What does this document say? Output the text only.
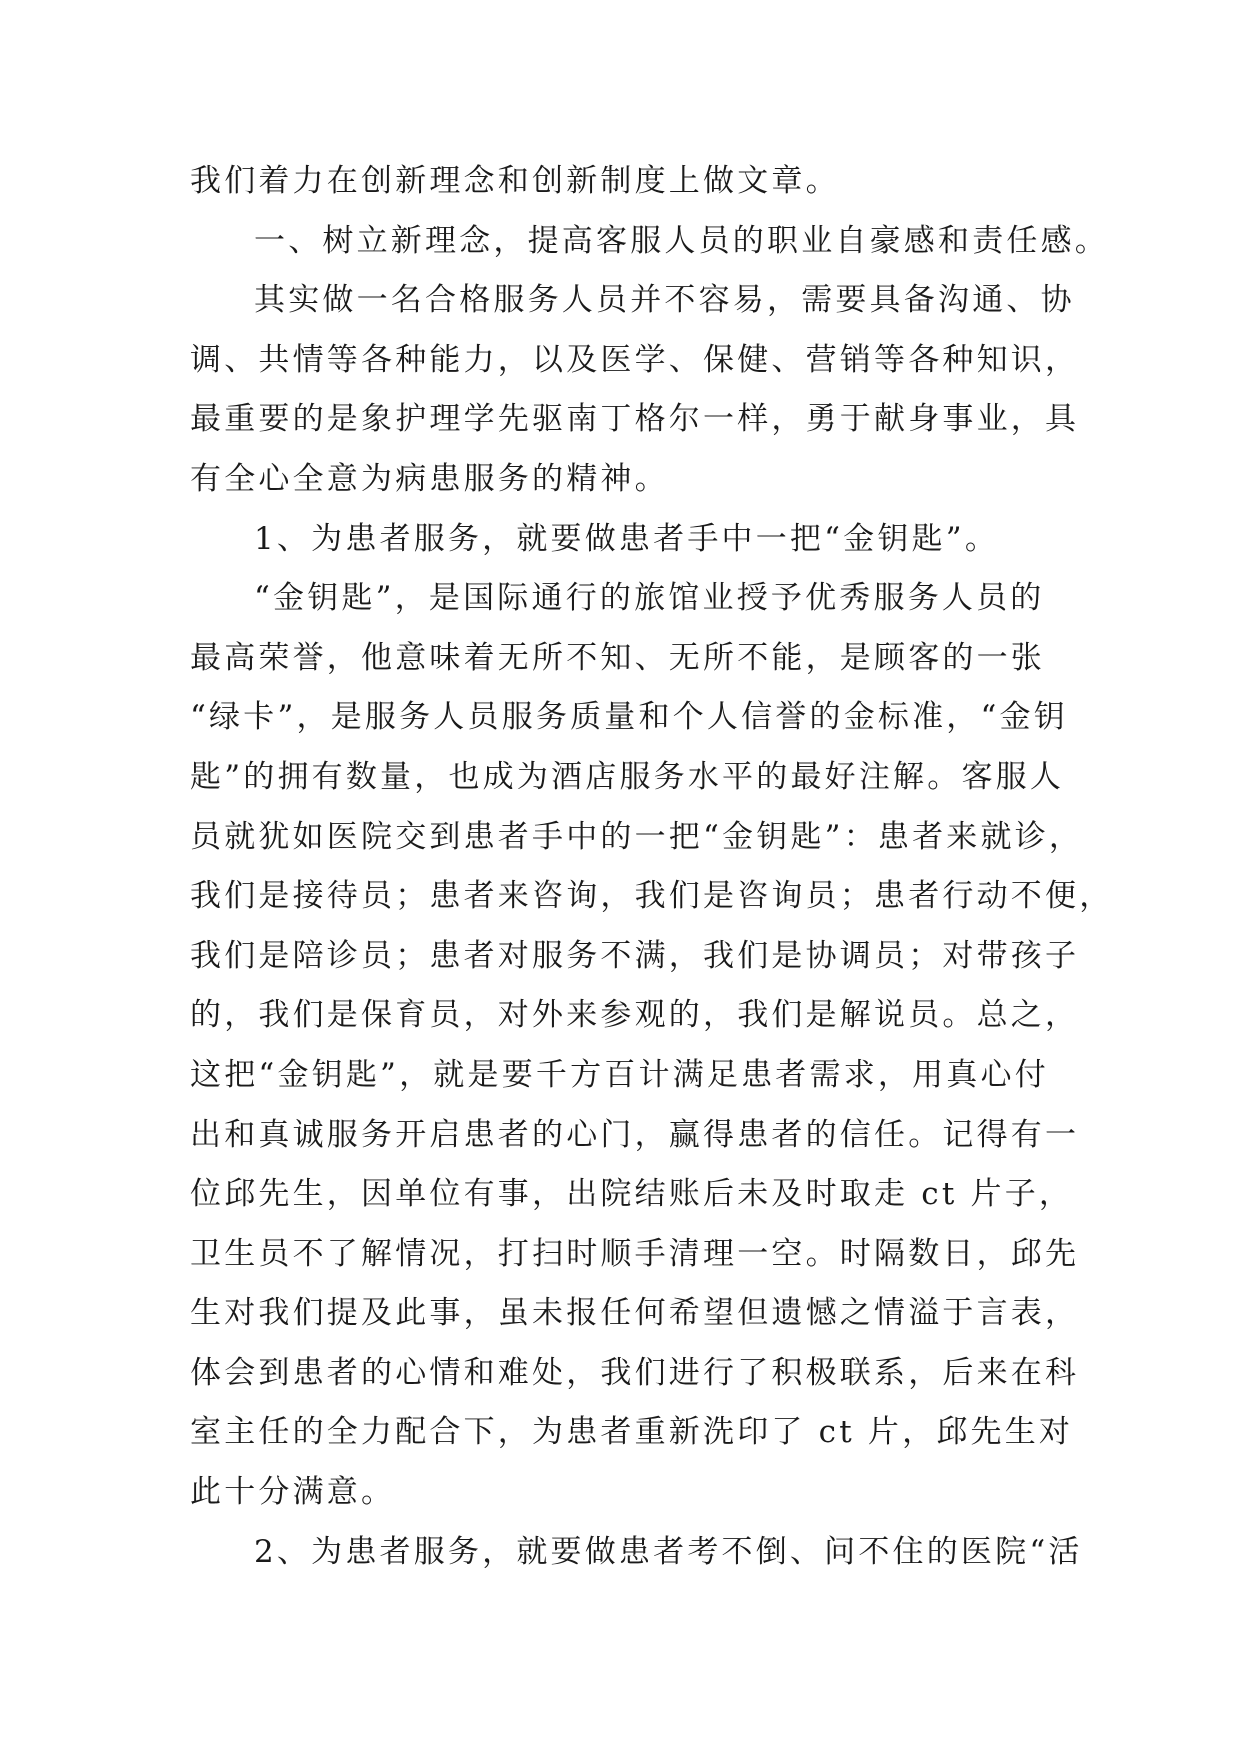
我们着力在创新理念和创新制度上做文章。
一、树立新理念，提高客服人员的职业自豪感和责任感。
其实做一名合格服务人员并不容易，需要具备沟通、协
调、共情等各种能力，以及医学、保健、营销等各种知识，
最重要的是象护理学先驱南丁格尔一样，勇于献身事业，具
有全心全意为病患服务的精神。
1、为患者服务，就要做患者手中一把“金钥匙”。
“金钥匙”，是国际通行的旅馆业授予优秀服务人员的
最高荣誉，他意味着无所不知、无所不能，是顾客的一张
“绿卡”，是服务人员服务质量和个人信誉的金标准，“金钥
匙”的拥有数量，也成为酒店服务水平的最好注解。客服人
员就犹如医院交到患者手中的一把“金钥匙”：患者来就诊，
我们是接待员；患者来咨询，我们是咨询员；患者行动不便，
我们是陪诊员；患者对服务不满，我们是协调员；对带孩子
的，我们是保育员，对外来参观的，我们是解说员。总之，
这把“金钥匙”，就是要千方百计满足患者需求，用真心付
出和真诚服务开启患者的心门，赢得患者的信任。记得有一
位邱先生，因单位有事，出院结账后未及时取走 ct 片子，
卫生员不了解情况，打扫时顺手清理一空。时隔数日，邱先
生对我们提及此事，虽未报任何希望但遗憾之情溢于言表，
体会到患者的心情和难处，我们进行了积极联系，后来在科
室主任的全力配合下，为患者重新洗印了 ct 片，邱先生对
此十分满意。
2、为患者服务，就要做患者考不倒、问不住的医院“活
